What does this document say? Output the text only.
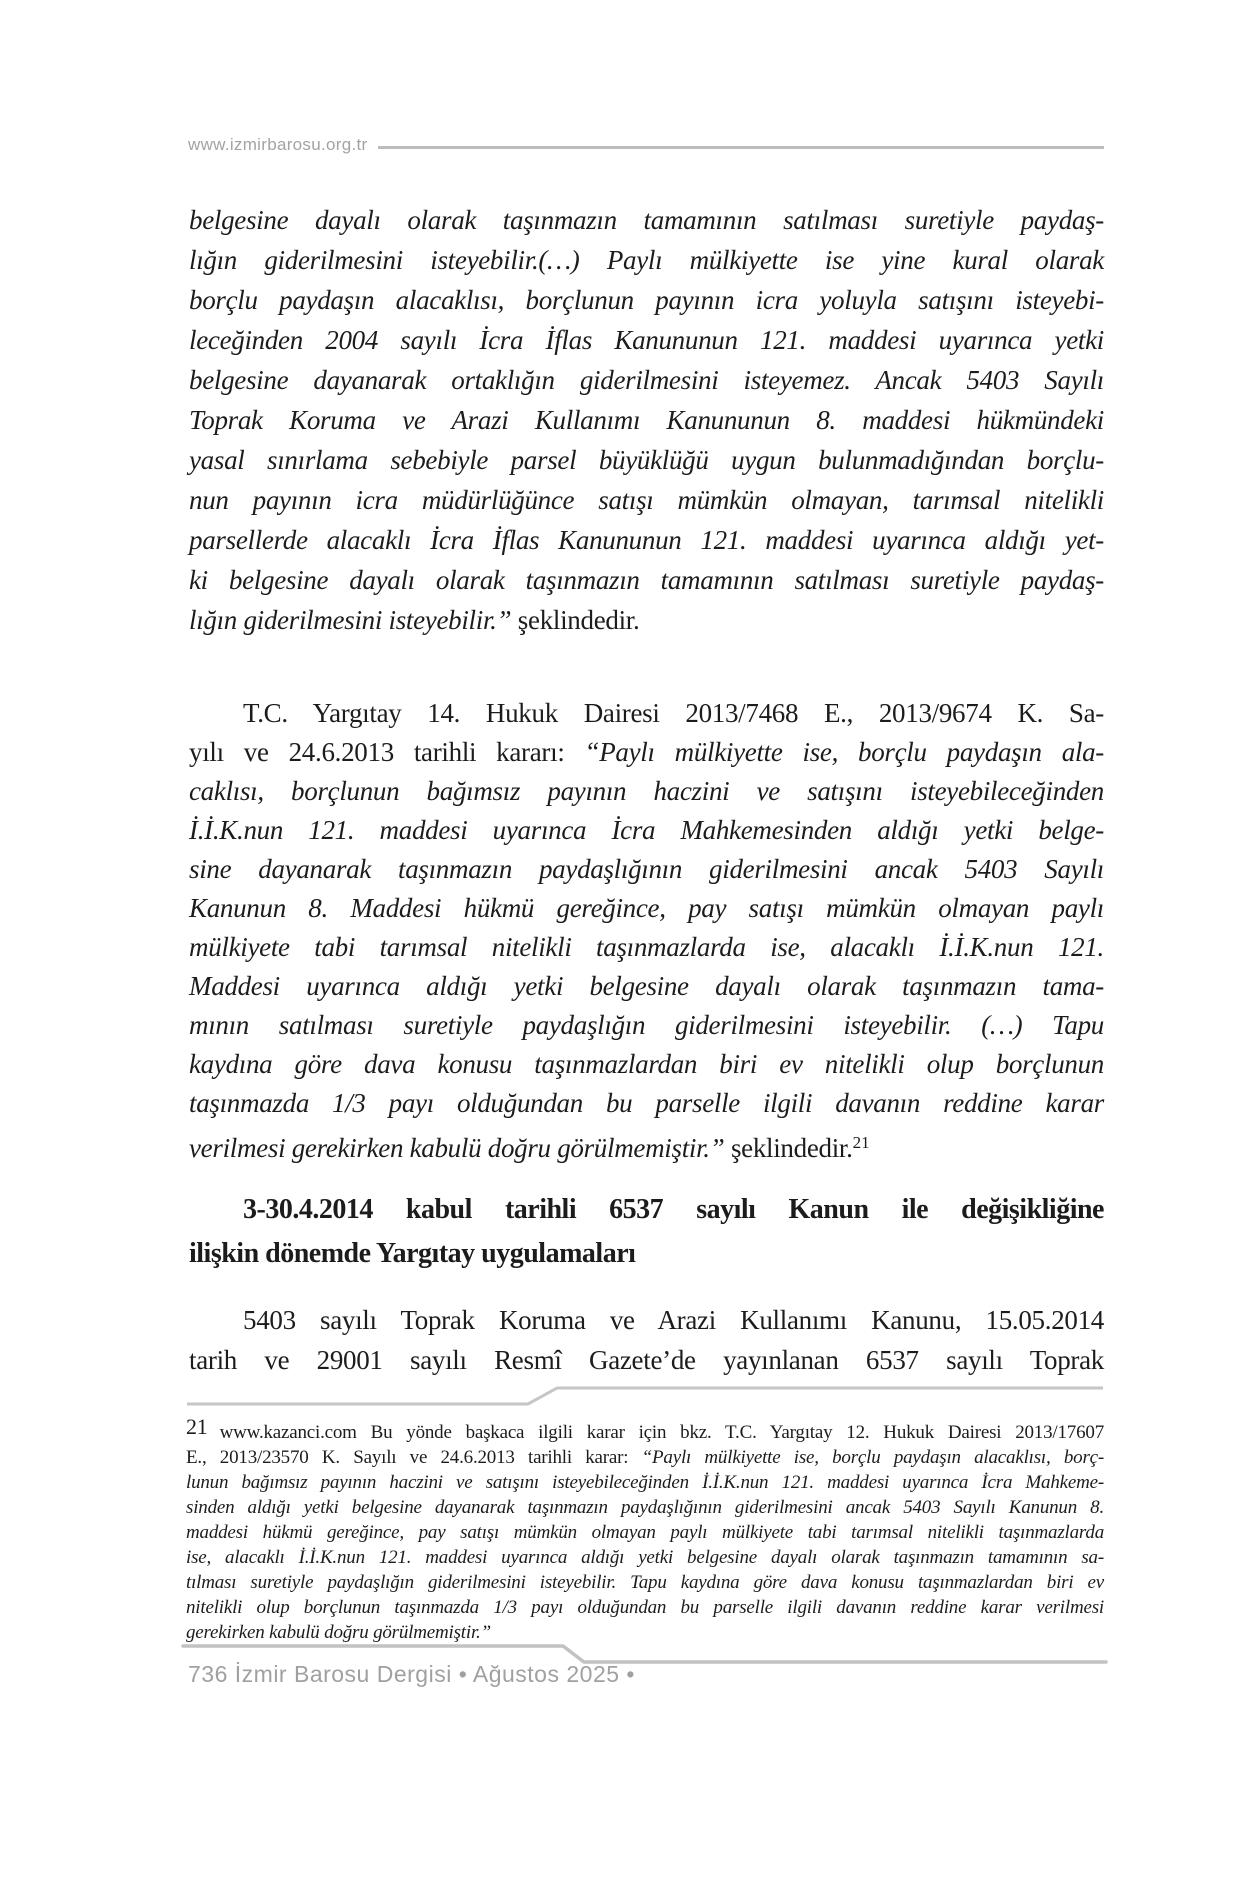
www.izmirbarosu.org.tr
belgesine dayalı olarak taşınmazın tamamının satılması suretiyle paydaş-
lığın giderilmesini isteyebilir.(…) Paylı mülkiyette ise yine kural olarak
borçlu paydaşın alacaklısı, borçlunun payının icra yoluyla satışını isteyebi-
leceğinden 2004 sayılı İcra İflas Kanununun 121. maddesi uyarınca yetki
belgesine dayanarak ortaklığın giderilmesini isteyemez. Ancak 5403 Sayılı
Toprak Koruma ve Arazi Kullanımı Kanununun 8. maddesi hükmündeki
yasal sınırlama sebebiyle parsel büyüklüğü uygun bulunmadığından borçlu-
nun payının icra müdürlüğünce satışı mümkün olmayan, tarımsal nitelikli
parsellerde alacaklı İcra İflas Kanununun 121. maddesi uyarınca aldığı yet-
ki belgesine dayalı olarak taşınmazın tamamının satılması suretiyle paydaş-
lığın giderilmesini isteyebilir.” şeklindedir.
T.C. Yargıtay 14. Hukuk Dairesi 2013/7468 E., 2013/9674 K. Sa-
yılı ve 24.6.2013 tarihli kararı: “Paylı mülkiyette ise, borçlu paydaşın ala-
caklısı, borçlunun bağımsız payının haczini ve satışını isteyebileceğinden
İ.İ.K.nun 121. maddesi uyarınca İcra Mahkemesinden aldığı yetki belge-
sine dayanarak taşınmazın paydaşlığının giderilmesini ancak 5403 Sayılı
Kanunun 8. Maddesi hükmü gereğince, pay satışı mümkün olmayan paylı
mülkiyete tabi tarımsal nitelikli taşınmazlarda ise, alacaklı İ.İ.K.nun 121.
Maddesi uyarınca aldığı yetki belgesine dayalı olarak taşınmazın tama-
mının satılması suretiyle paydaşlığın giderilmesini isteyebilir. (…) Tapu
kaydına göre dava konusu taşınmazlardan biri ev nitelikli olup borçlunun
taşınmazda 1/3 payı olduğundan bu parselle ilgili davanın reddine karar
verilmesi gerekirken kabulü doğru görülmemiştir.” şeklindedir.$^{21}$
3-30.4.2014 kabul tarihli 6537 sayılı Kanun ile değişikliğine
ilişkin dönemde Yargıtay uygulamaları
5403 sayılı Toprak Koruma ve Arazi Kullanımı Kanunu, 15.05.2014
tarih ve 29001 sayılı Resmî Gazete’de yayınlanan 6537 sayılı Toprak
21 www.kazanci.com Bu yönde başkaca ilgili karar için bkz. T.C. Yargıtay 12. Hukuk Dairesi 2013/17607
E., 2013/23570 K. Sayılı ve 24.6.2013 tarihli karar: “Paylı mülkiyette ise, borçlu paydaşın alacaklısı, borç-
lunun bağımsız payının haczini ve satışını isteyebileceğinden İ.İ.K.nun 121. maddesi uyarınca İcra Mahkeme-
sinden aldığı yetki belgesine dayanarak taşınmazın paydaşlığının giderilmesini ancak 5403 Sayılı Kanunun 8.
maddesi hükmü gereğince, pay satışı mümkün olmayan paylı mülkiyete tabi tarımsal nitelikli taşınmazlarda
ise, alacaklı İ.İ.K.nun 121. maddesi uyarınca aldığı yetki belgesine dayalı olarak taşınmazın tamamının sa-
tılması suretiyle paydaşlığın giderilmesini isteyebilir. Tapu kaydına göre dava konusu taşınmazlardan biri ev
nitelikli olup borçlunun taşınmazda 1/3 payı olduğundan bu parselle ilgili davanın reddine karar verilmesi
gerekirken kabulü doğru görülmemiştir.”
736 İzmir Barosu Dergisi • Ağustos 2025 •
